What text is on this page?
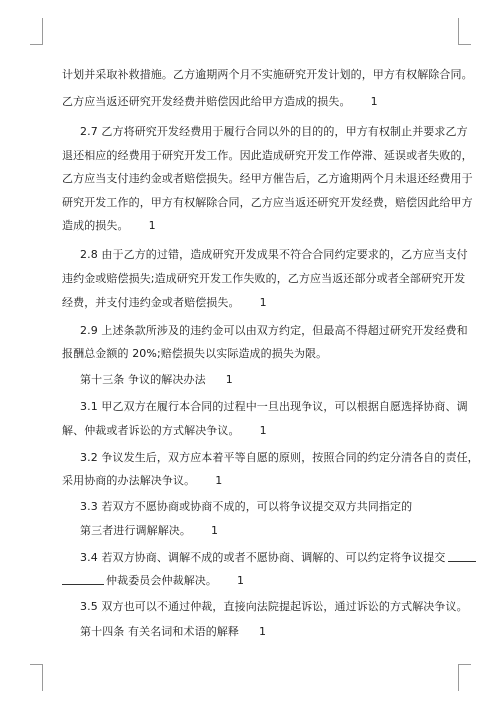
计划并采取补救措施。乙方逾期两个月不实施研究开发计划的，甲方有权解除合同。
乙方应当返还研究开发经费并赔偿因此给甲方造成的损失。 1
2.7 乙方将研究开发经费用于履行合同以外的目的的，甲方有权制止并要求乙方
退还相应的经费用于研究开发工作。因此造成研究开发工作停滞、延误或者失败的，
乙方应当支付违约金或者赔偿损失。经甲方催告后，乙方逾期两个月未退还经费用于
研究开发工作的，甲方有权解除合同，乙方应当返还研究开发经费，赔偿因此给甲方
造成的损失。 1
2.8 由于乙方的过错，造成研究开发成果不符合合同约定要求的，乙方应当支付
违约金或赔偿损失;造成研究开发工作失败的，乙方应当返还部分或者全部研究开发
经费，并支付违约金或者赔偿损失。 1
2.9 上述条款所涉及的违约金可以由双方约定，但最高不得超过研究开发经费和
报酬总金额的 20%;赔偿损失以实际造成的损失为限。
第十三条 争议的解决办法 1
3.1 甲乙双方在履行本合同的过程中一旦出现争议，可以根据自愿选择协商、调
解、仲裁或者诉讼的方式解决争议。 1
3.2 争议发生后，双方应本着平等自愿的原则，按照合同的约定分清各自的责任，
采用协商的办法解决争议。 1
3.3 若双方不愿协商或协商不成的，可以将争议提交双方共同指定的
第三者进行调解解决。 1
3.4 若双方协商、调解不成的或者不愿协商、调解的、可以约定将争议提交
仲裁委员会仲裁解决。 1
3.5 双方也可以不通过仲裁，直接向法院提起诉讼，通过诉讼的方式解决争议。
第十四条 有关名词和术语的解释 1
